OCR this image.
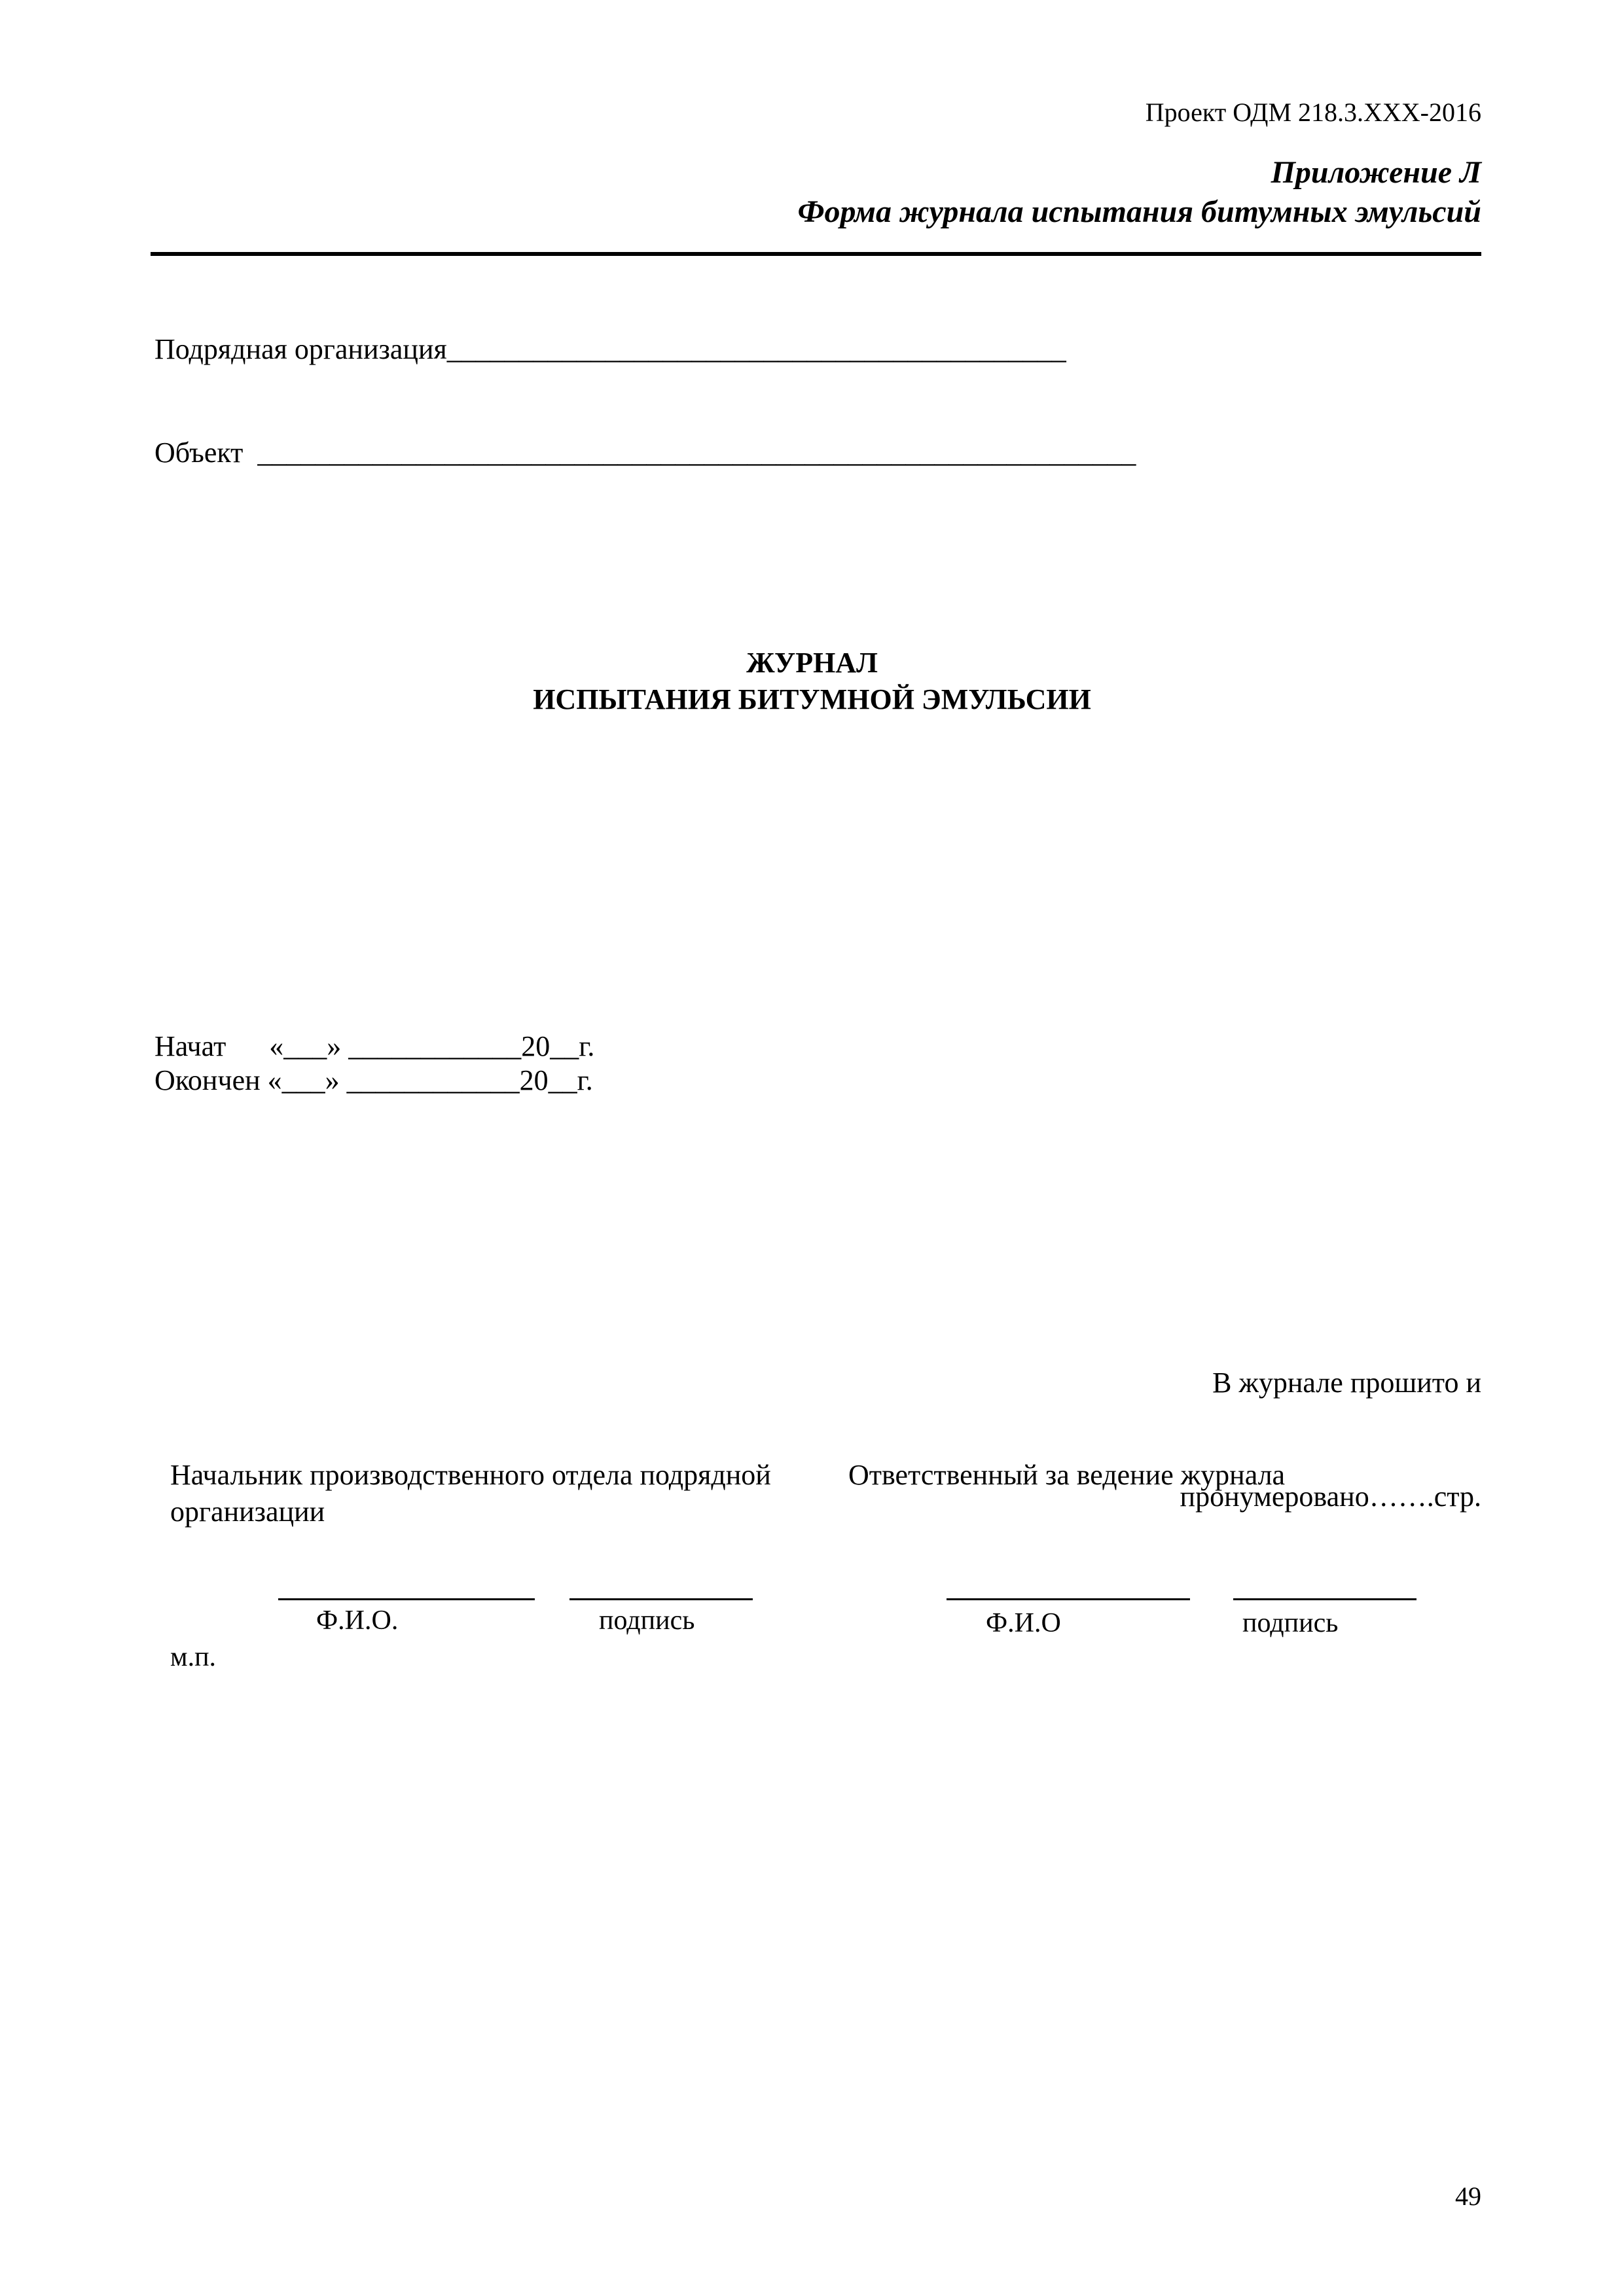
Проект ОДМ 218.3.XXX-2016
Приложение Л
Форма журнала испытания битумных эмульсий
Подрядная организация___________________________________________
Объект  _____________________________________________________________
ЖУРНАЛ
ИСПЫТАНИЯ БИТУМНОЙ ЭМУЛЬСИИ
Начат      «___» ____________20__г.
Окончен «___» ____________20__г.

В журнале прошито и

пронумеровано…….стр.

Начальник производственного отдела подрядной организации
Ответственный за ведение журнала
Ф.И.О.	подпись	Ф.И.О	подпись
м.п.
49
